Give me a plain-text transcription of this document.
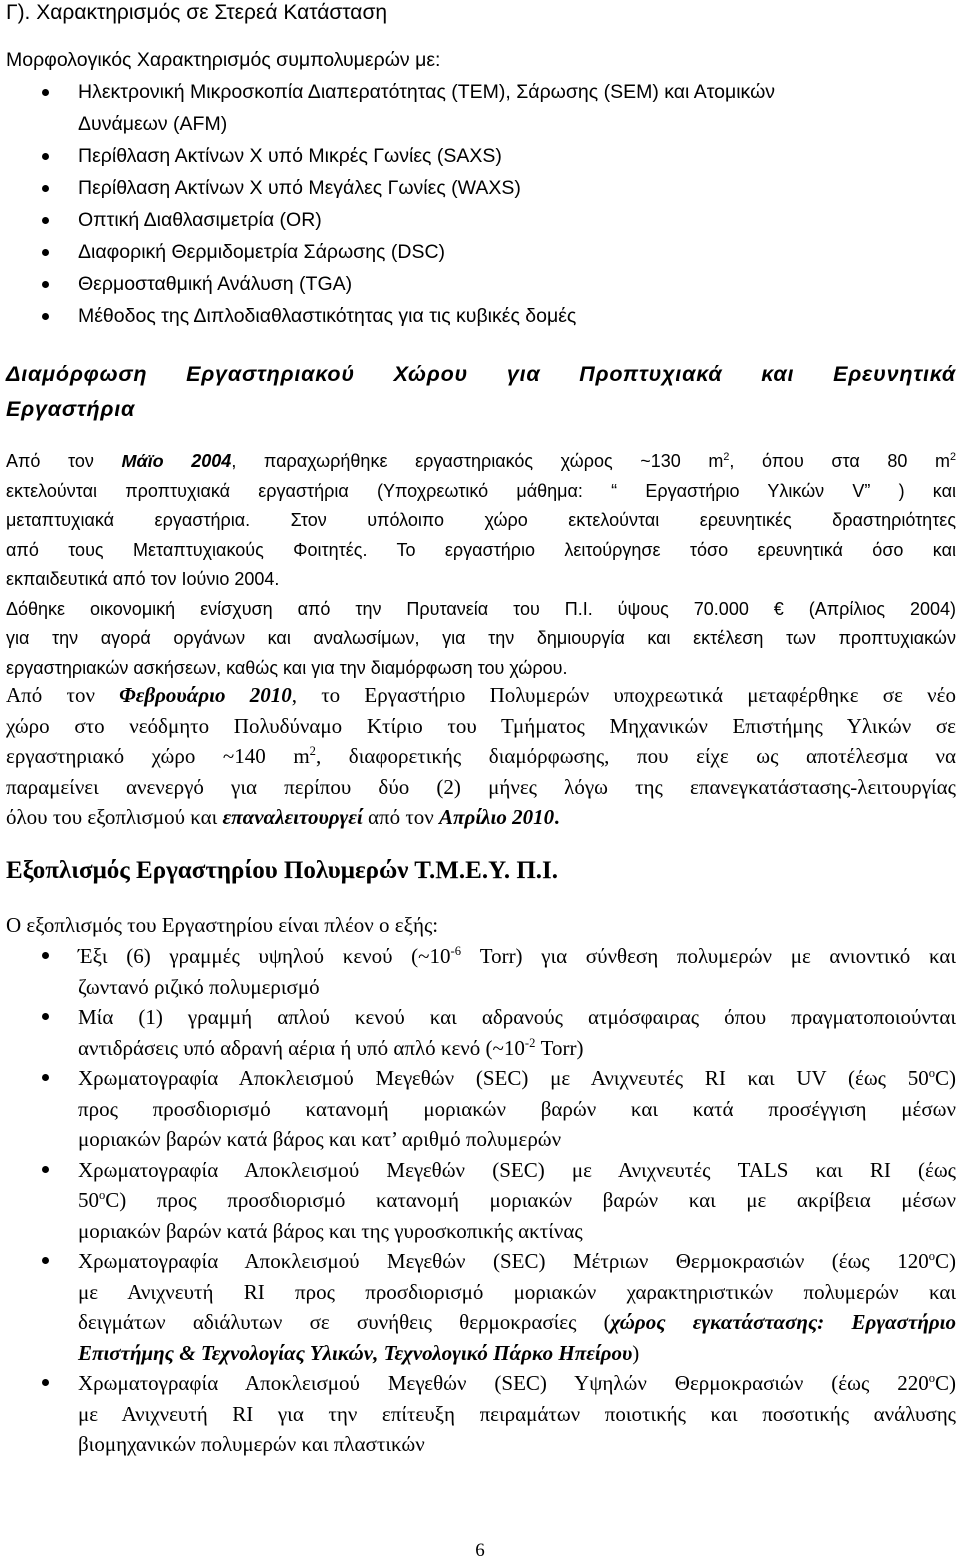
Γ). Χαρακτηρισμός σε Στερεά Κατάσταση

Μορφολογικός Χαρακτηρισμός συμπολυμερών με:

Ηλεκτρονική Μικροσκοπία Διαπερατότητας (TEM), Σάρωσης (SEM) και Ατομικών
Δυνάμεων (AFM)
Περίθλαση Ακτίνων Χ υπό Μικρές Γωνίες (SAXS)
Περίθλαση Ακτίνων Χ υπό Μεγάλες Γωνίες (WAXS)
Οπτική Διαθλασιμετρία (OR)
Διαφορική Θερμιδομετρία Σάρωσης (DSC)
Θερμοσταθμική Ανάλυση (TGA)
Μέθοδος της Διπλοδιαθλαστικότητας για τις κυβικές δομές
Διαμόρφωση Εργαστηριακού Χώρου για Προπτυχιακά και Ερευνητικά
Εργαστήρια
Από τον Μάϊο 2004, παραχωρήθηκε εργαστηριακός χώρος ~130 $m^2$, όπου στα 80 $m^2$
εκτελούνται προπτυχιακά εργαστήρια (Υποχρεωτικό μάθημα: “ Εργαστήριο Υλικών V” ) και
μεταπτυχιακά εργαστήρια. Στον υπόλοιπο χώρο εκτελούνται ερευνητικές δραστηριότητες
από τους Μεταπτυχιακούς Φοιτητές. Το εργαστήριο λειτούργησε τόσο ερευνητικά όσο και
εκπαιδευτικά από τον Ιούνιο 2004.
Δόθηκε οικονομική ενίσχυση από την Πρυτανεία του Π.Ι. ύψους 70.000 € (Απρίλιος 2004)
για την αγορά οργάνων και αναλωσίμων, για την δημιουργία και εκτέλεση των προπτυχιακών
εργαστηριακών ασκήσεων, καθώς και για την διαμόρφωση του χώρου.
Από τον Φεβρουάριο 2010, το Εργαστήριο Πολυμερών υποχρεωτικά μεταφέρθηκε σε νέο
χώρο στο νεόδμητο Πολυδύναμο Κτίριο του Τμήματος Μηχανικών Επιστήμης Υλικών σε
εργαστηριακό χώρο ~140 $m^2$, διαφορετικής διαμόρφωσης, που είχε ως αποτέλεσμα να
παραμείνει ανενεργό για περίπου δύο (2) μήνες λόγω της επανεγκατάστασης-λειτουργίας
όλου του εξοπλισμού και επαναλειτουργεί από τον Απρίλιο 2010.
Εξοπλισμός Εργαστηρίου Πολυμερών Τ.Μ.Ε.Υ. Π.Ι.

Ο εξοπλισμός του Εργαστηρίου είναι πλέον ο εξής:

Έξι (6) γραμμές υψηλού κενού ($\sim 10^{-6}$ Torr) για σύνθεση πολυμερών με ανιοντικό και
ζωντανό ριζικό πολυμερισμό
Μία (1) γραμμή απλού κενού και αδρανούς ατμόσφαιρας όπου πραγματοποιούνται
αντιδράσεις υπό αδρανή αέρια ή υπό απλό κενό ($\sim 10^{-2}$ Torr)
Χρωματογραφία Αποκλεισμού Μεγεθών (SEC) με Ανιχνευτές RI και UV (έως 50$^o$C)
προς προσδιορισμό κατανομή μοριακών βαρών και κατά προσέγγιση μέσων
μοριακών βαρών κατά βάρος και κατ’ αριθμό πολυμερών
Χρωματογραφία Αποκλεισμού Μεγεθών (SEC) με Ανιχνευτές TALS και RI (έως
50$^o$C) προς προσδιορισμό κατανομή μοριακών βαρών και με ακρίβεια μέσων
μοριακών βαρών κατά βάρος και της γυροσκοπικής ακτίνας
Χρωματογραφία Αποκλεισμού Μεγεθών (SEC) Μέτριων Θερμοκρασιών (έως 120$^o$C)
με Ανιχνευτή RI προς προσδιορισμό μοριακών χαρακτηριστικών πολυμερών και
δειγμάτων αδιάλυτων σε συνήθεις θερμοκρασίες (χώρος εγκατάστασης: Εργαστήριο
Επιστήμης & Τεχνολογίας Υλικών, Τεχνολογικό Πάρκο Ηπείρου)
Χρωματογραφία Αποκλεισμού Μεγεθών (SEC) Υψηλών Θερμοκρασιών (έως 220$^o$C)
με Ανιχνευτή RI για την επίτευξη πειραμάτων ποιοτικής και ποσοτικής ανάλυσης
βιομηχανικών πολυμερών και πλαστικών
6
